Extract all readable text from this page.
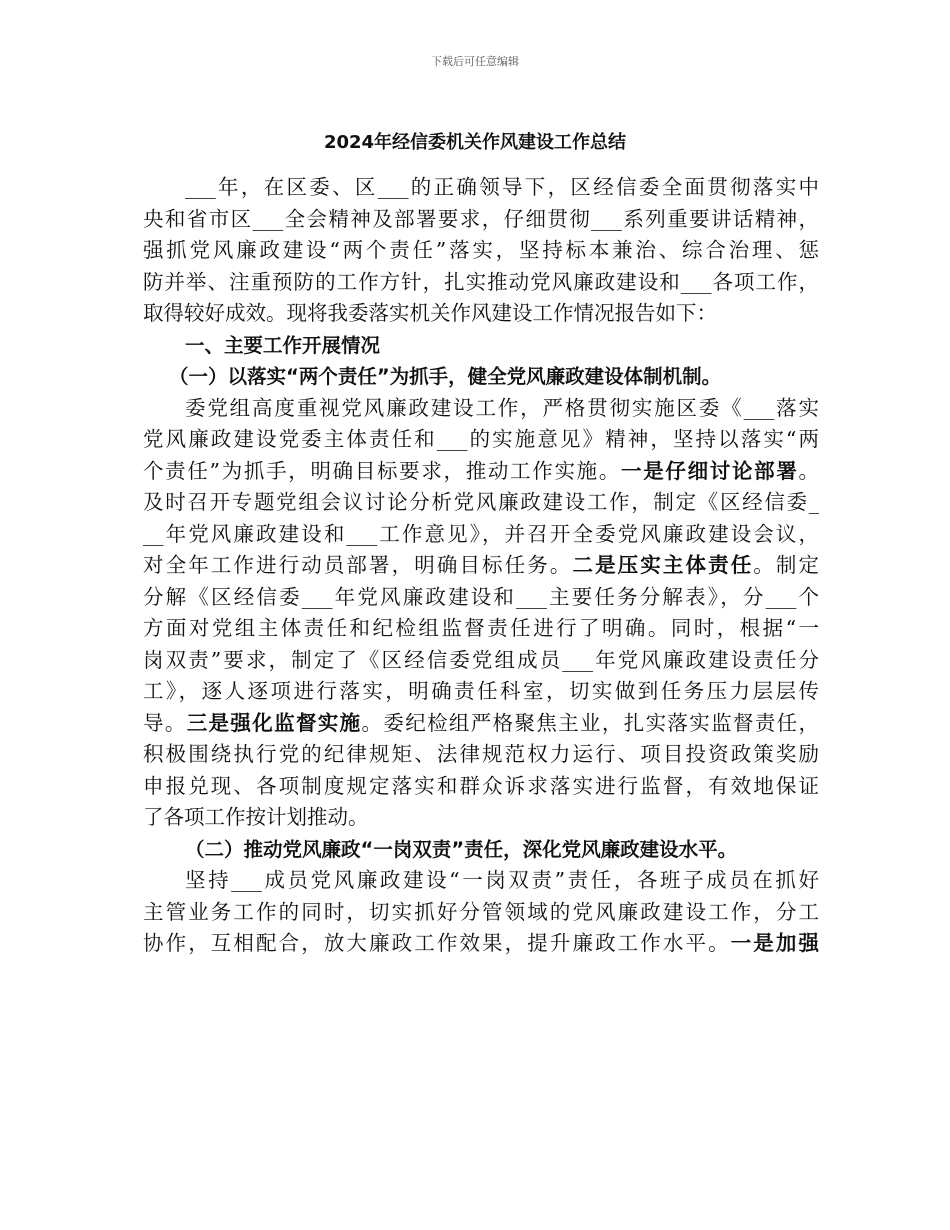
下载后可任意编辑
2024年经信委机关作风建设工作总结
___年，在区委、区___的正确领导下，区经信委全面贯彻落实中
央和省市区___全会精神及部署要求，仔细贯彻___系列重要讲话精神，
强抓党风廉政建设“两个责任”落实，坚持标本兼治、综合治理、惩
防并举、注重预防的工作方针，扎实推动党风廉政建设和___各项工作，
取得较好成效。现将我委落实机关作风建设工作情况报告如下：
一、主要工作开展情况
（一）以落实“两个责任”为抓手，健全党风廉政建设体制机制。
委党组高度重视党风廉政建设工作，严格贯彻实施区委《___落实
党风廉政建设党委主体责任和___的实施意见》精神，坚持以落实“两
个责任”为抓手，明确目标要求，推动工作实施。一是仔细讨论部署。
及时召开专题党组会议讨论分析党风廉政建设工作，制定《区经信委_
__年党风廉政建设和___工作意见》，并召开全委党风廉政建设会议，
对全年工作进行动员部署，明确目标任务。二是压实主体责任。制定
分解《区经信委___年党风廉政建设和___主要任务分解表》，分___个
方面对党组主体责任和纪检组监督责任进行了明确。同时，根据“一
岗双责”要求，制定了《区经信委党组成员___年党风廉政建设责任分
工》，逐人逐项进行落实，明确责任科室，切实做到任务压力层层传
导。三是强化监督实施。委纪检组严格聚焦主业，扎实落实监督责任，
积极围绕执行党的纪律规矩、法律规范权力运行、项目投资政策奖励
申报兑现、各项制度规定落实和群众诉求落实进行监督，有效地保证
了各项工作按计划推动。
（二）推动党风廉政“一岗双责”责任，深化党风廉政建设水平。
坚持___成员党风廉政建设“一岗双责”责任，各班子成员在抓好
主管业务工作的同时，切实抓好分管领域的党风廉政建设工作，分工
协作，互相配合，放大廉政工作效果，提升廉政工作水平。一是加强
